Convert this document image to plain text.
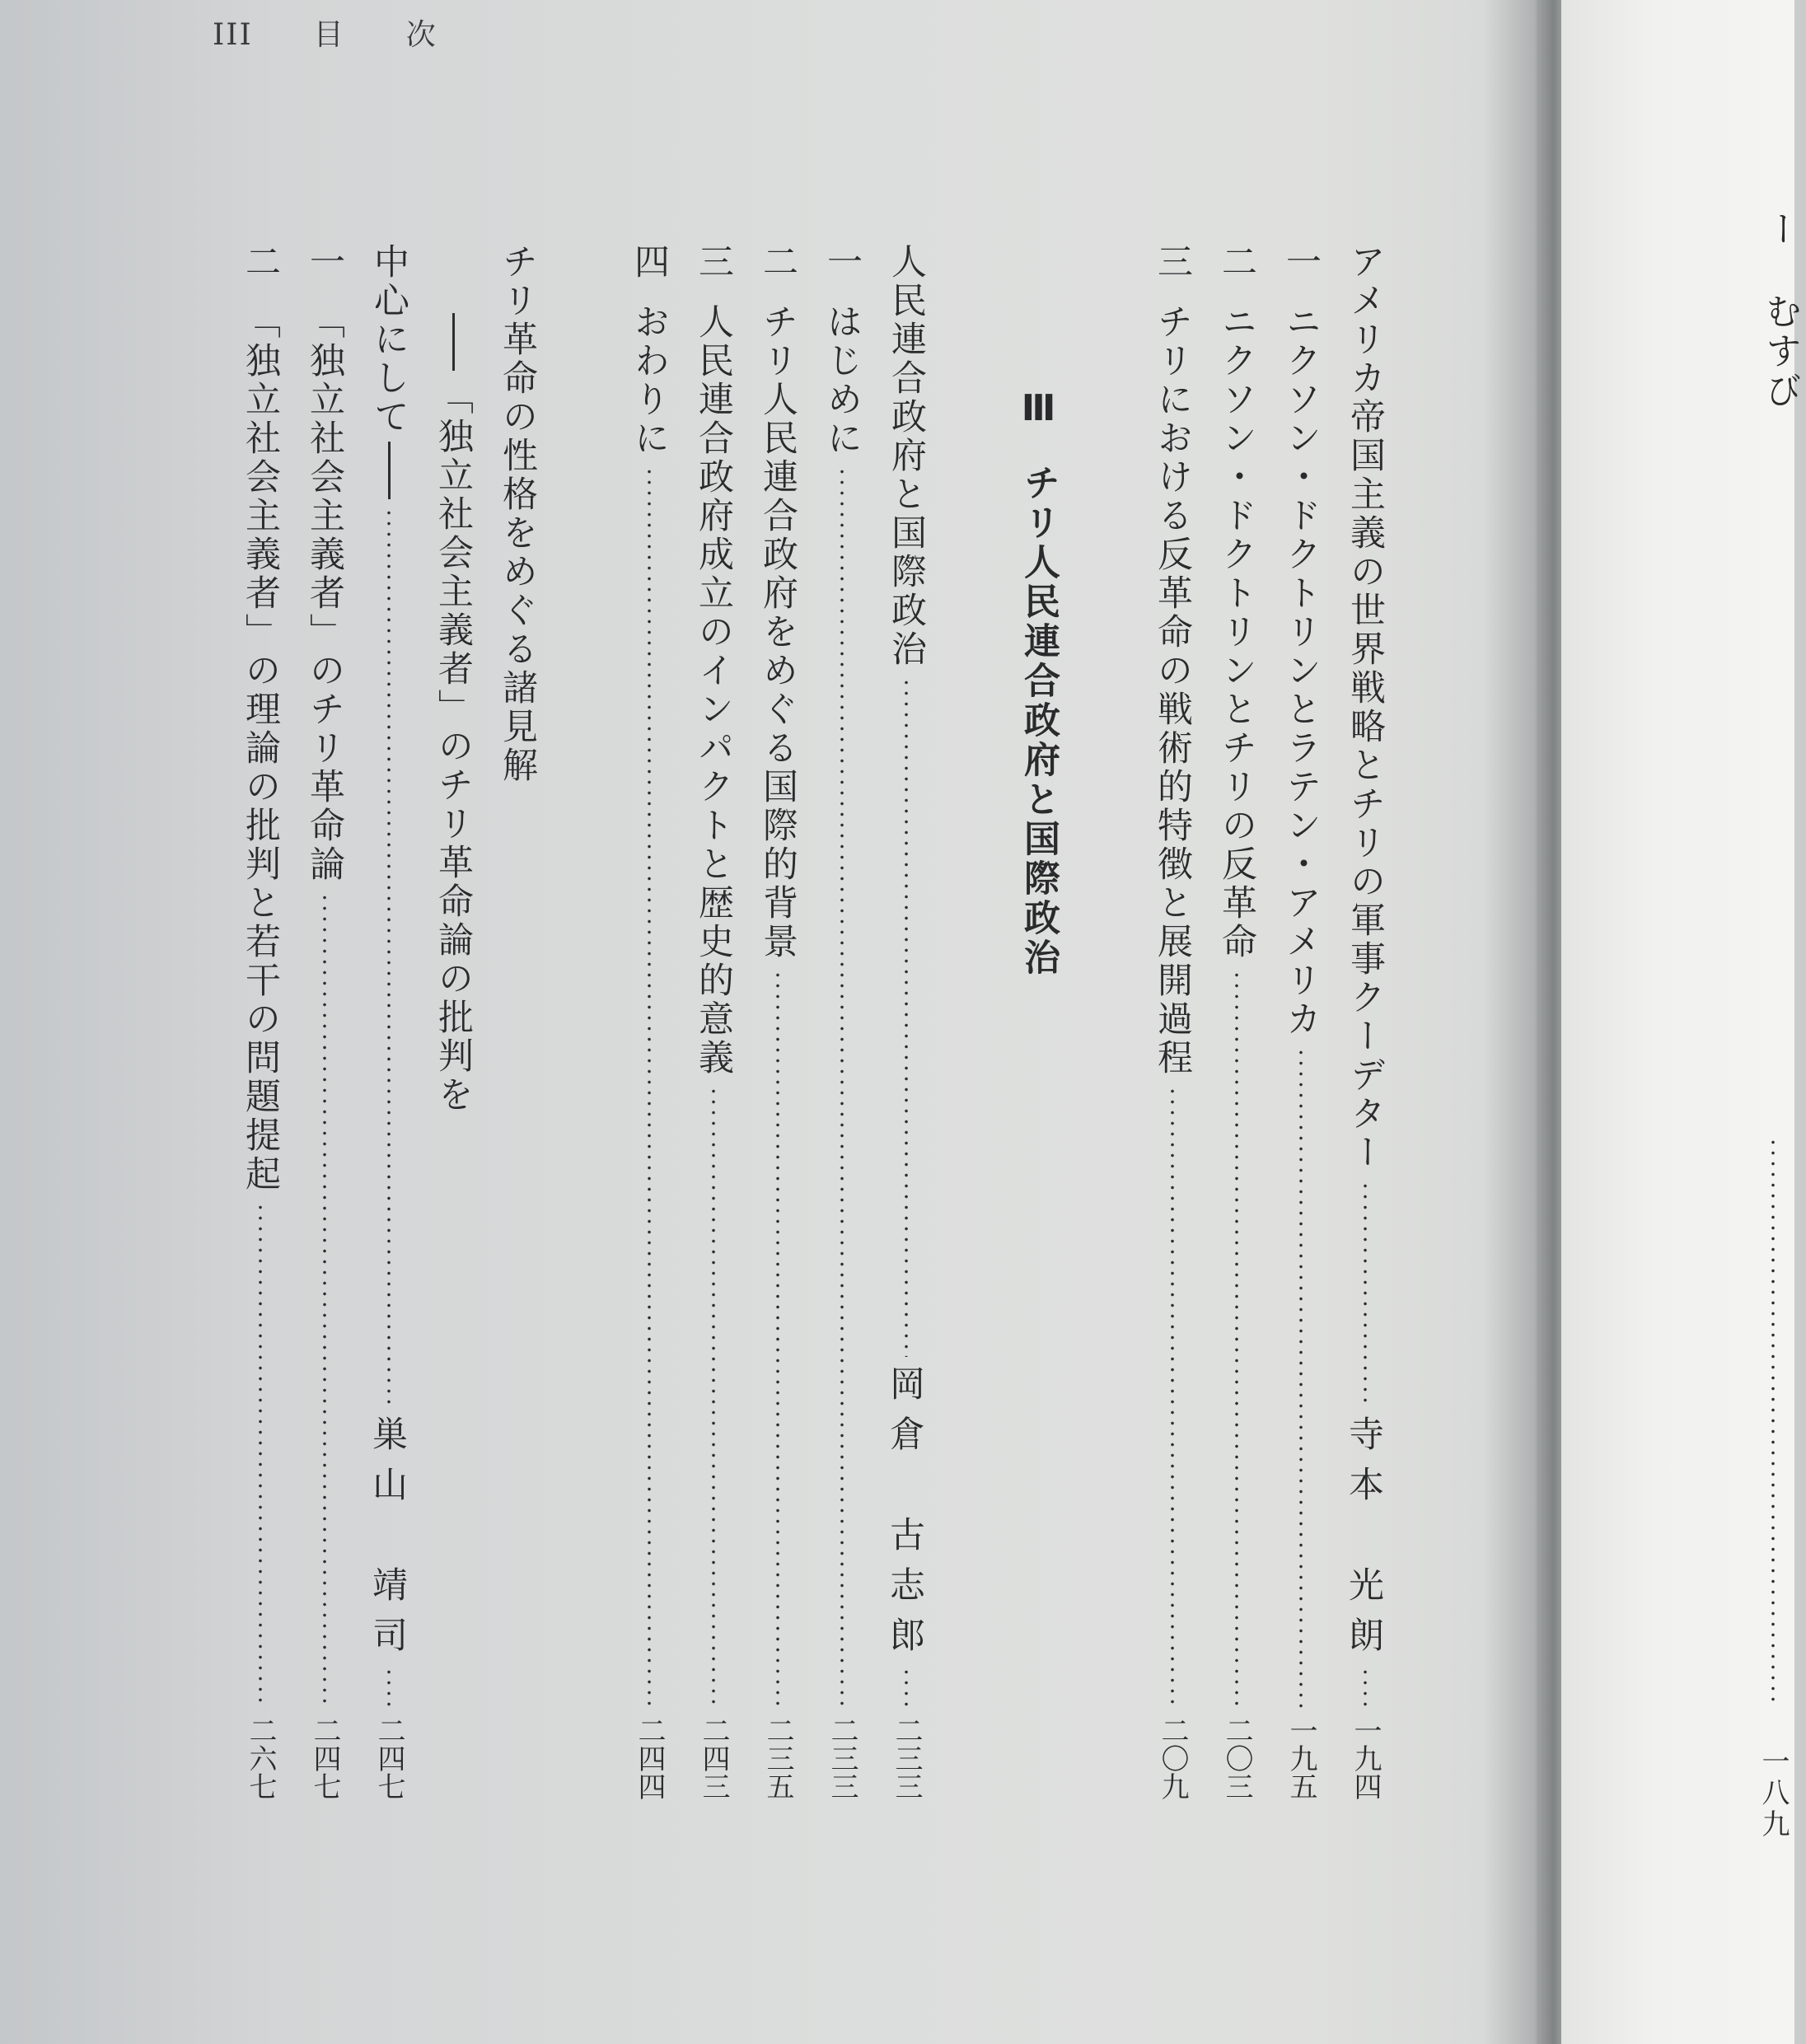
III 目 次
アメリカ帝国主義の世界戦略とチリの軍事クーデター
寺本　光朗
一九四
一
ニクソン・ドクトリンとラテン・アメリカ
一九五
二
ニクソン・ドクトリンとチリの反革命
二〇三
三
チリにおける反革命の戦術的特徴と展開過程
二〇九
Ⅲ
チリ人民連合政府と国際政治
人民連合政府と国際政治
岡倉　古志郎
二三三
一
はじめに
二三三
二
チリ人民連合政府をめぐる国際的背景
二三五
三
人民連合政府成立のインパクトと歴史的意義
二四三
四
おわりに
二四四
チリ革命の性格をめぐる諸見解
「独立社会主義者」のチリ革命論の批判を
中心にして
巣山　靖司
二四七
一
「独立社会主義者」のチリ革命論
二四七
二
「独立社会主義者」の理論の批判と若干の問題提起
二六七
ー
むすび
一八九
